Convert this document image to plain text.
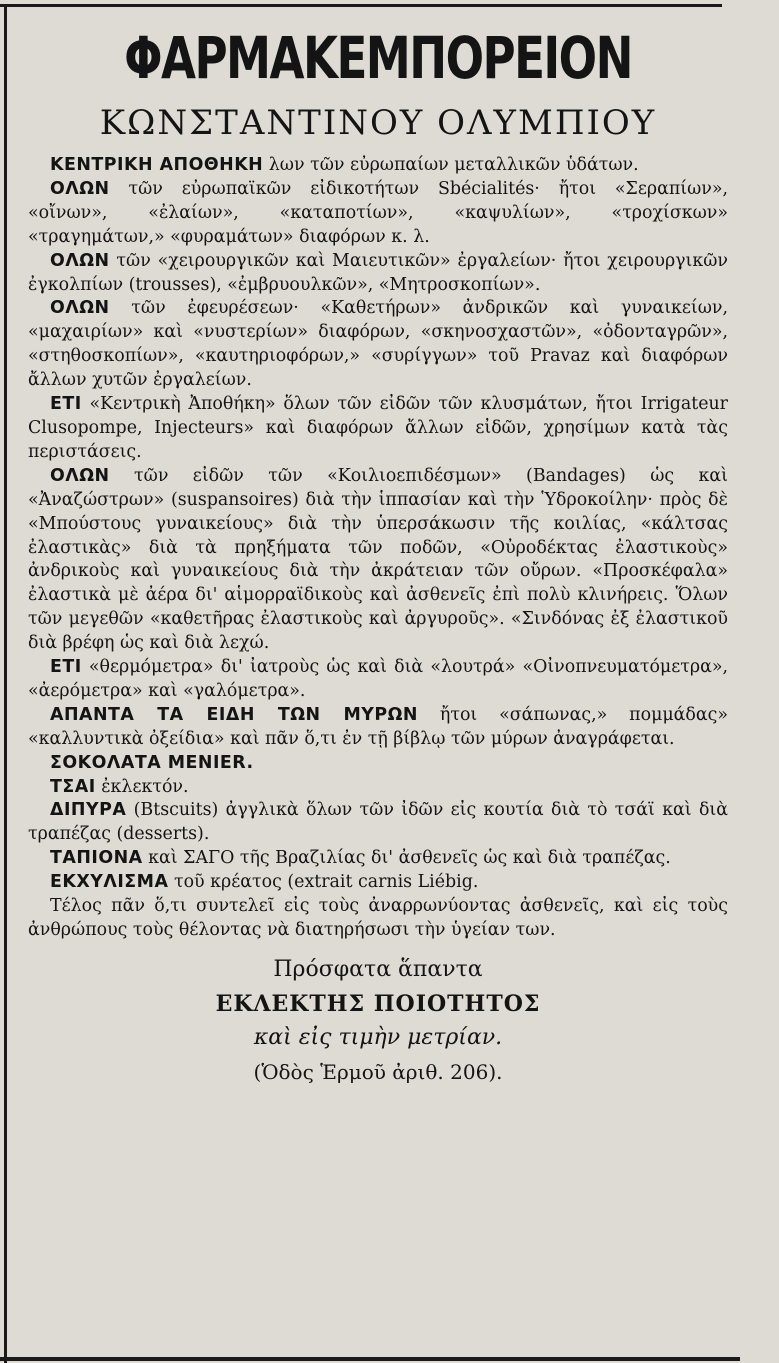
ΦΑΡΜΑΚΕΜΠΟΡΕΙΟΝ
ΚΩΝΣΤΑΝΤΙΝΟΥ ΟΛΥΜΠΙΟΥ

ΚΕΝΤΡΙΚΗ ΑΠΟΘΗΚΗ λων τῶν εὐρωπαίων μεταλλικῶν ὑδάτων.

ΟΛΩΝ τῶν εὐρωπαϊκῶν εἰδικοτήτων Sbécialités· ἤτοι «Σεραπίων», «οἴνων», «ἐλαίων», «καταποτίων», «καψυλίων», «τροχίσκων» «τραγημάτων,» «φυραμάτων» διαφόρων κ. λ.

ΟΛΩΝ τῶν «χειρουργικῶν καὶ Μαιευτικῶν» ἐργαλείων· ἤτοι χειρουργικῶν ἐγκολπίων (trousses), «ἐμβρυουλκῶν», «Μητροσκοπίων».

ΟΛΩΝ τῶν ἐφευρέσεων· «Καθετήρων» ἀνδρικῶν καὶ γυναικείων, «μαχαιρίων» καὶ «νυστερίων» διαφόρων, «σκηνοσχαστῶν», «ὀδονταγρῶν», «στηθοσκοπίων», «καυτηριοφόρων,» «συρίγγων» τοῦ Pravaz καὶ διαφόρων ἄλλων χυτῶν ἐργαλείων.

ΕΤΙ «Κεντρικὴ Ἀποθήκη» ὅλων τῶν εἰδῶν τῶν κλυσμάτων, ἤτοι Irrigateur Clusopompe, Injecteurs» καὶ διαφόρων ἄλλων εἰδῶν, χρησίμων κατὰ τὰς περιστάσεις.

ΟΛΩΝ τῶν εἰδῶν τῶν «Κοιλιοεπιδέσμων» (Bandages) ὡς καὶ «Ἀναζώστρων» (suspansoires) διὰ τὴν ἱππασίαν καὶ τὴν Ὑδροκοίλην· πρὸς δὲ «Μπούστους γυναικείους» διὰ τὴν ὑπερσάκωσιν τῆς κοιλίας, «κάλτσας ἐλαστικὰς» διὰ τὰ πρηξήματα τῶν ποδῶν, «Οὐροδέκτας ἐλαστικοὺς» ἀνδρικοὺς καὶ γυναικείους διὰ τὴν ἀκράτειαν τῶν οὔρων. «Προσκέφαλα» ἐλαστικὰ μὲ ἀέρα δι' αἱμορραϊδικοὺς καὶ ἀσθενεῖς ἐπὶ πολὺ κλινήρεις. Ὅλων τῶν μεγεθῶν «καθετῆρας ἐλαστικοὺς καὶ ἀργυροῦς». «Σινδόνας ἐξ ἐλαστικοῦ διὰ βρέφη ὡς καὶ διὰ λεχώ.

ΕΤΙ «θερμόμετρα» δι' ἰατροὺς ὡς καὶ διὰ «λουτρά» «Οἰνοπνευματόμετρα», «ἀερόμετρα» καὶ «γαλόμετρα».

ΑΠΑΝΤΑ ΤΑ ΕΙΔΗ ΤΩΝ ΜΥΡΩΝ ἤτοι «σάπωνας,» πομμάδας» «καλλυντικὰ ὀξείδια» καὶ πᾶν ὅ,τι ἐν τῇ βίβλῳ τῶν μύρων ἀναγράφεται.

ΣΟΚΟΛΑΤΑ MENIER.

ΤΣΑΙ ἐκλεκτόν.

ΔΙΠΥΡΑ (Btscuits) ἀγγλικὰ ὅλων τῶν ἰδῶν εἰς κουτία διὰ τὸ τσάϊ καὶ διὰ τραπέζας (desserts).

ΤΑΠΙΟΝΑ καὶ ΣΑΓΟ τῆς Βραζιλίας δι' ἀσθενεῖς ὡς καὶ διὰ τραπέζας.

ΕΚΧΥΛΙΣΜΑ τοῦ κρέατος (extrait carnis Liébig.

Τέλος πᾶν ὅ,τι συντελεῖ εἰς τοὺς ἀναρρωνύοντας ἀσθενεῖς, καὶ εἰς τοὺς ἀνθρώπους τοὺς θέλοντας νὰ διατηρήσωσι τὴν ὑγείαν των.

Πρόσφατα ἅπαντα

ΕΚΛΕΚΤΗΣ ΠΟΙΟΤΗΤΟΣ

καὶ εἰς τιμὴν μετρίαν.

(Ὁδὸς Ἑρμοῦ ἀριθ. 206).
